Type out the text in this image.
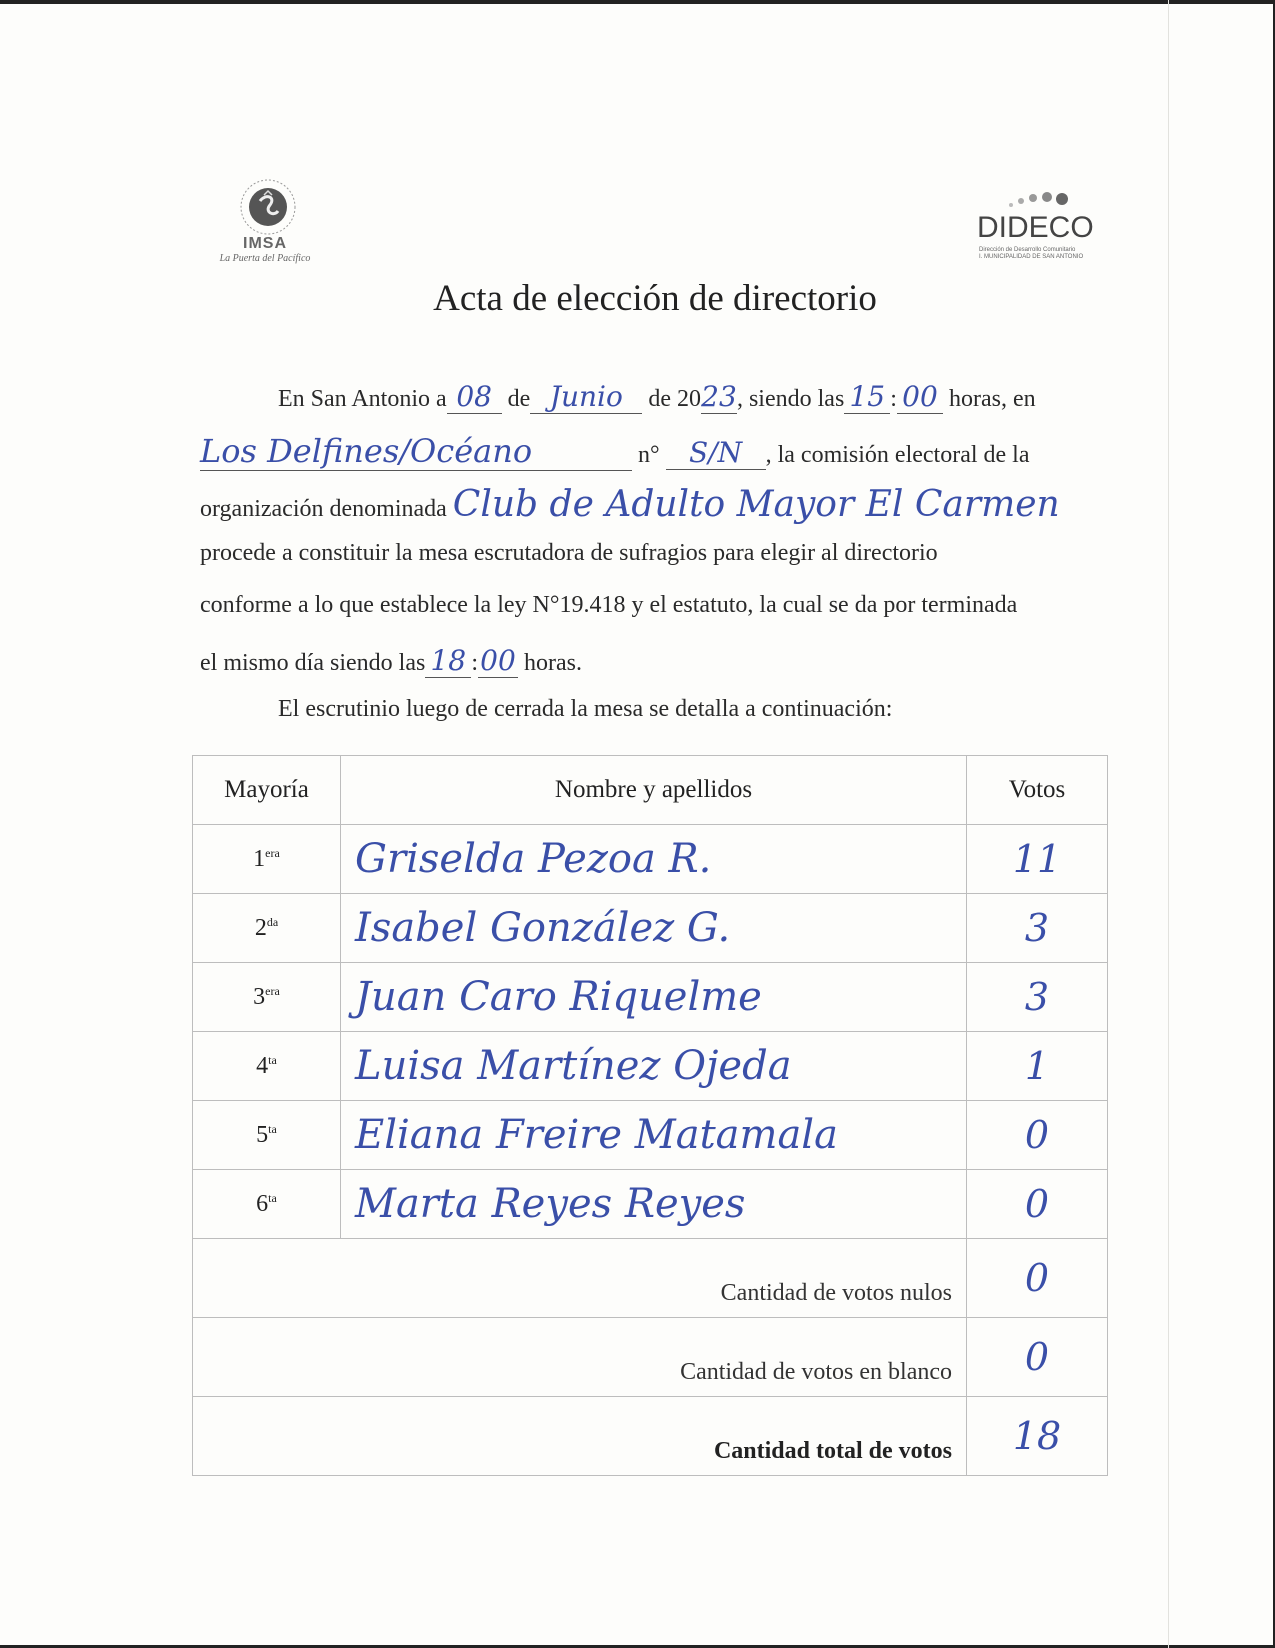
IMSA
La Puerta del Pacífico
DIDECO
Dirección de Desarrollo Comunitario
I. MUNICIPALIDAD DE SAN ANTONIO
Acta de elección de directorio
En San Antonio a 08 de Junio de 2023, siendo las 15 : 00 horas, en
Los Delfines/Océano	n° S/N , la comisión electoral de la
organización denominada Club de Adulto Mayor El Carmen
procede a constituir la mesa escrutadora de sufragios para elegir al directorio
conforme a lo que establece la ley N°19.418 y el estatuto, la cual se da por terminada
el mismo día siendo las 18 :00 horas.
El escrutinio luego de cerrada la mesa se detalla a continuación:
Mayoría	Nombre y apellidos	Votos
$1^{era}$	Griselda Pezoa R.	11
$2^{da}$	Isabel González G.	3
$3^{era}$	Juan Caro Riquelme	3
$4^{ta}$	Luisa Martínez Ojeda	1
$5^{ta}$	Eliana Freire Matamala	0
$6^{ta}$	Marta Reyes Reyes	0
Cantidad de votos nulos		0
Cantidad de votos en blanco		0
Cantidad total de votos		18
